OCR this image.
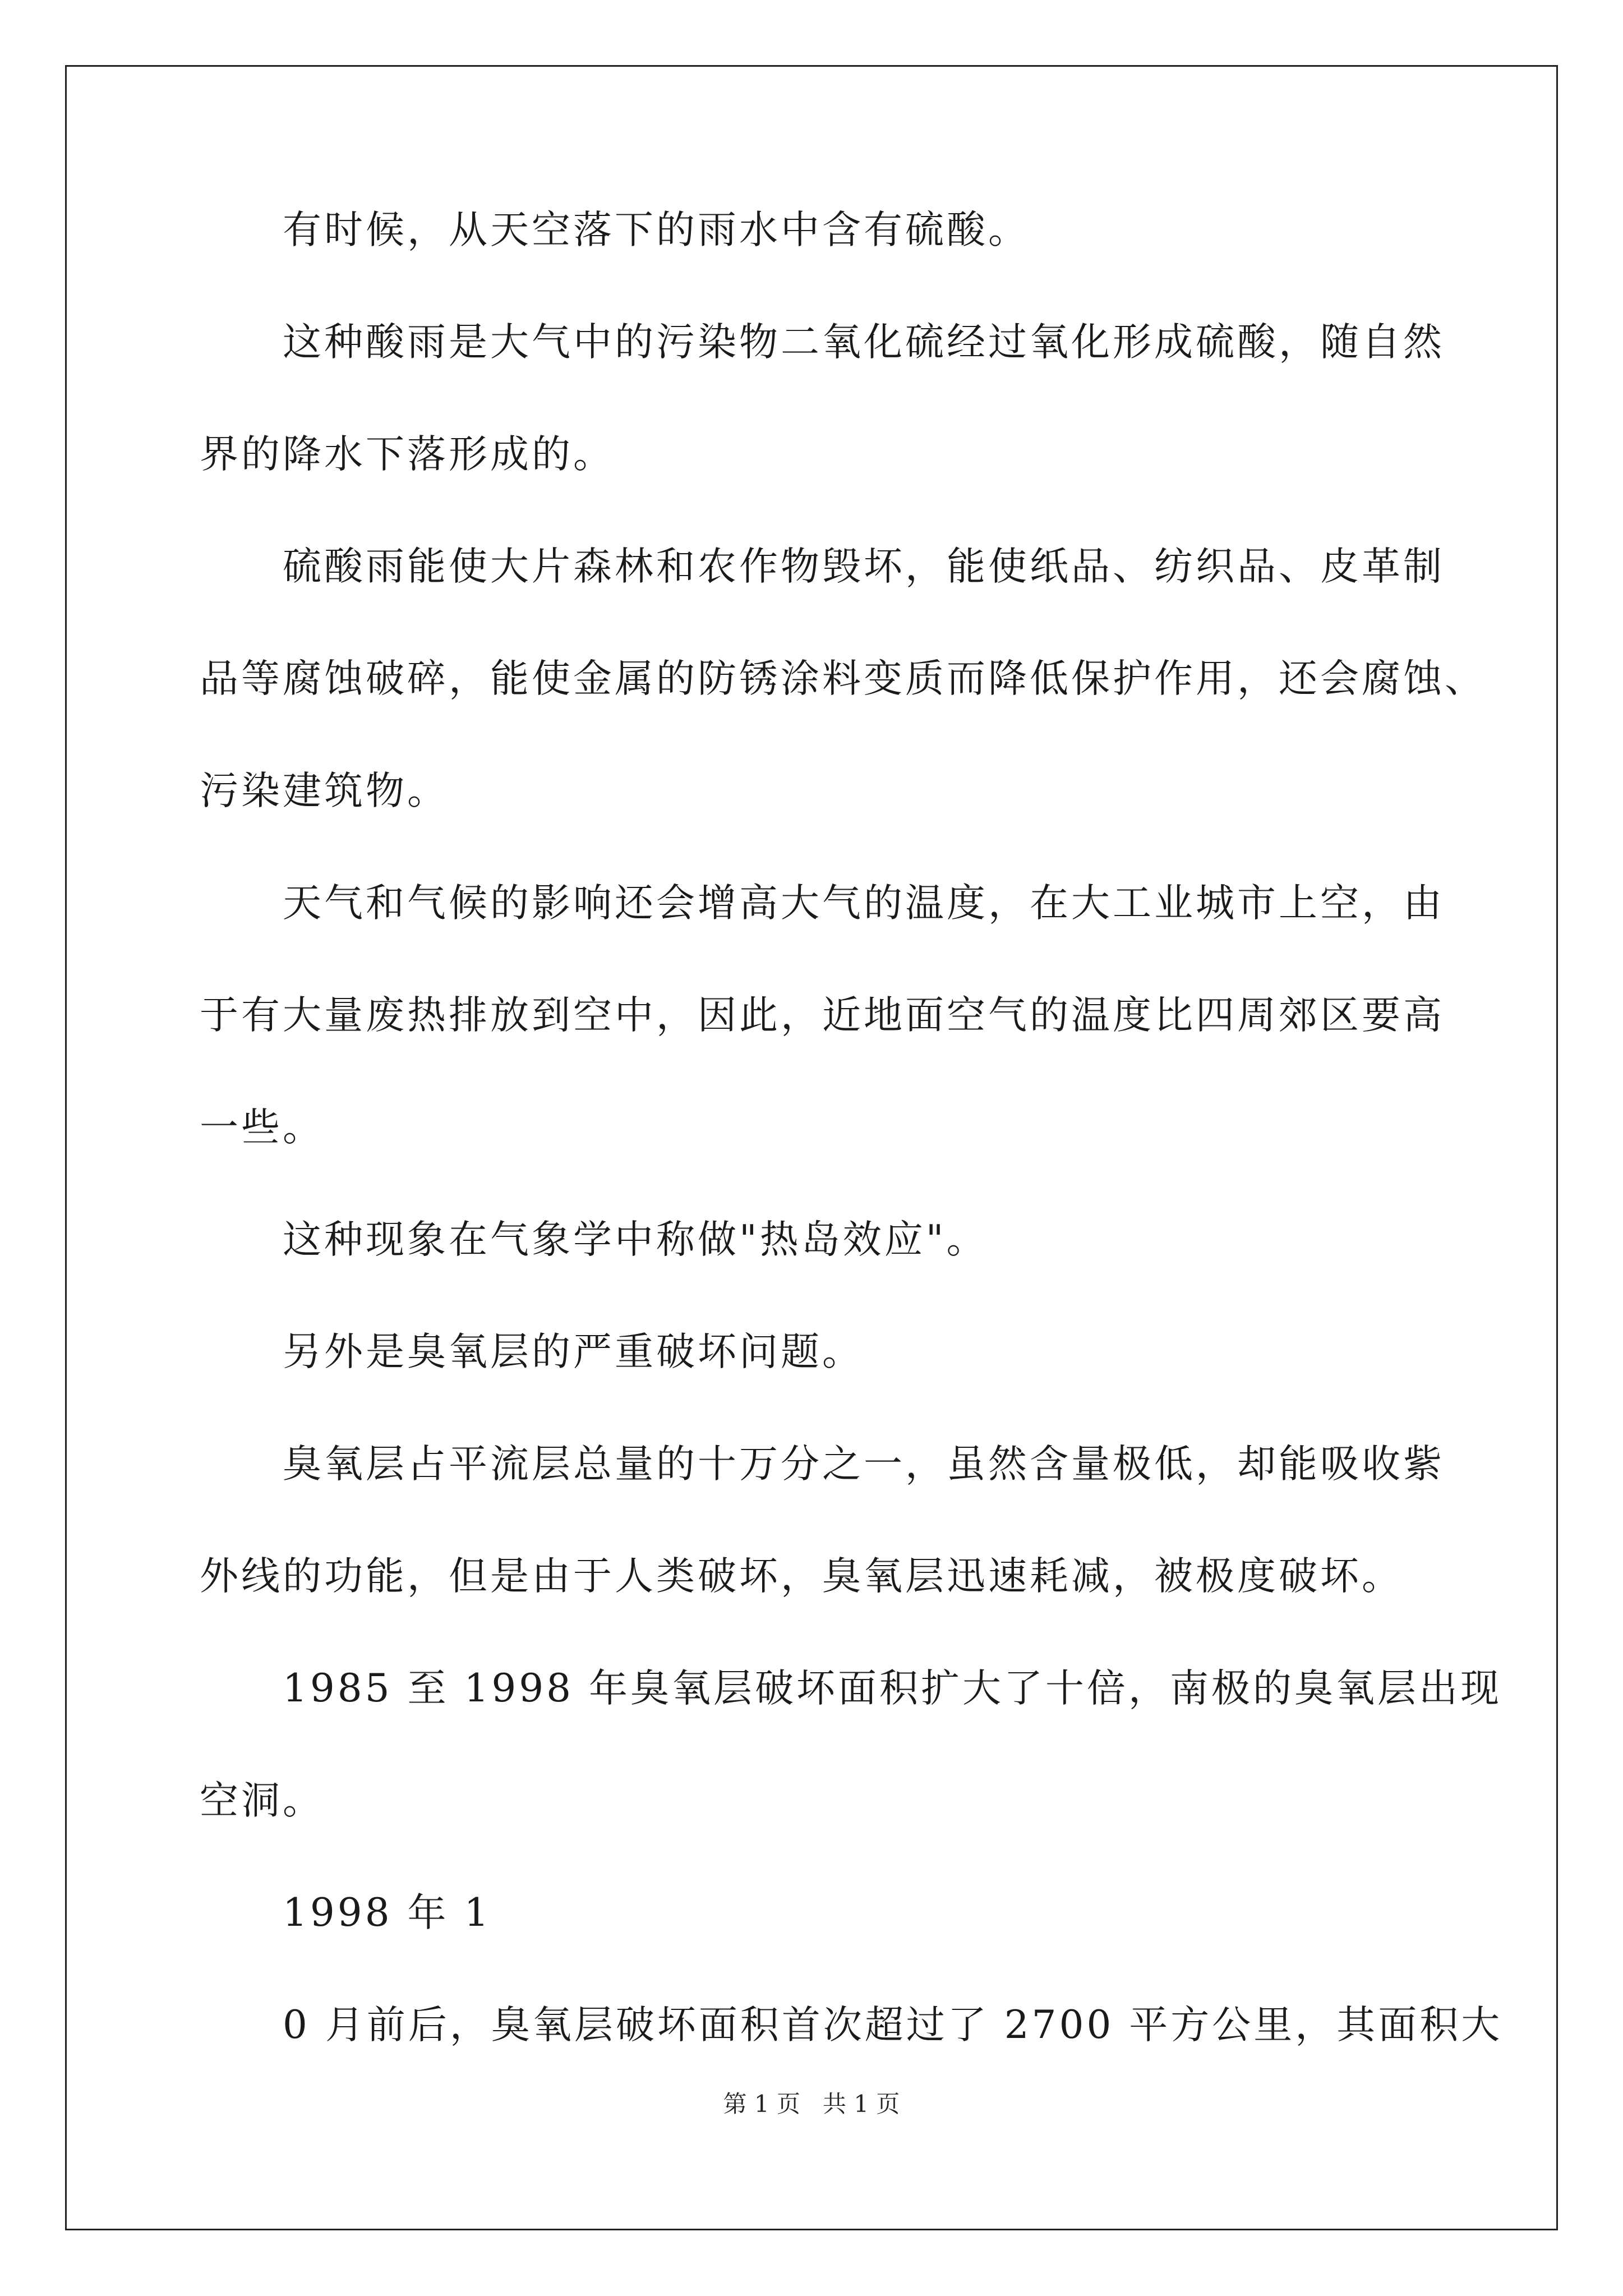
有时候，从天空落下的雨水中含有硫酸。
这种酸雨是大气中的污染物二氧化硫经过氧化形成硫酸，随自然
界的降水下落形成的。
硫酸雨能使大片森林和农作物毁坏，能使纸品、纺织品、皮革制
品等腐蚀破碎，能使金属的防锈涂料变质而降低保护作用，还会腐蚀、
污染建筑物。
天气和气候的影响还会增高大气的温度，在大工业城市上空，由
于有大量废热排放到空中，因此，近地面空气的温度比四周郊区要高
一些。
这种现象在气象学中称做"热岛效应"。
另外是臭氧层的严重破坏问题。
臭氧层占平流层总量的十万分之一，虽然含量极低，却能吸收紫
外线的功能，但是由于人类破坏，臭氧层迅速耗减，被极度破坏。
1985 至 1998 年臭氧层破坏面积扩大了十倍，南极的臭氧层出现
空洞。
1998 年 1
0 月前后，臭氧层破坏面积首次超过了 2700 平方公里，其面积大
第 1 页 共 1 页
